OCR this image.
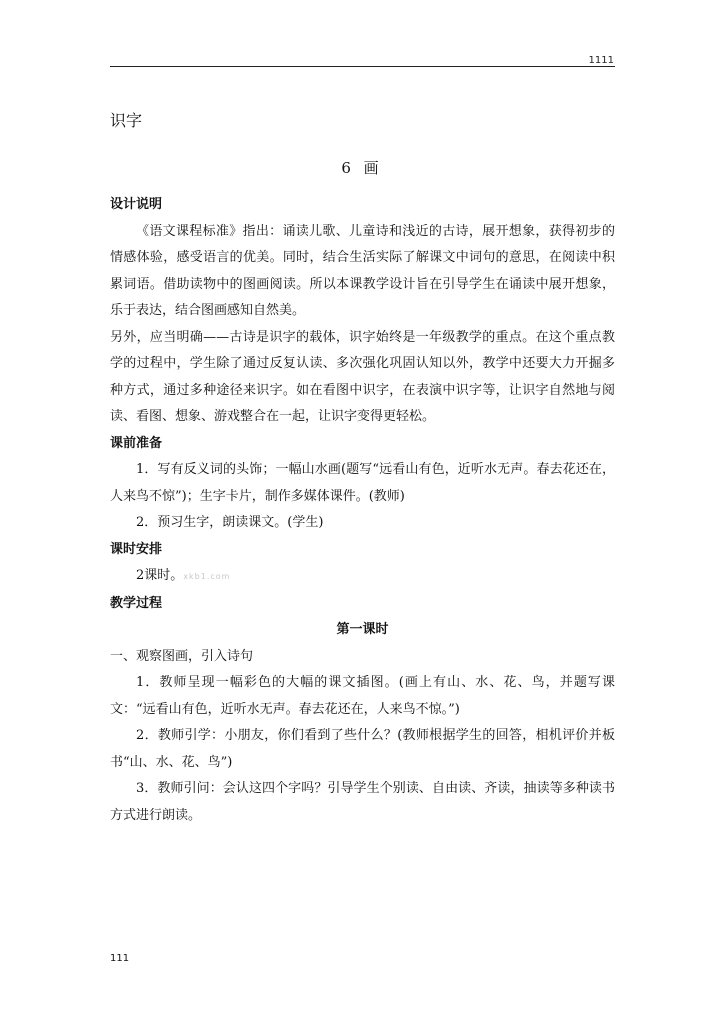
1111
识字
6 画

设计说明

《语文课程标准》指出：诵读儿歌、儿童诗和浅近的古诗，展开想象，获得初步的情感体验，感受语言的优美。同时，结合生活实际了解课文中词句的意思，在阅读中积累词语。借助读物中的图画阅读。所以本课教学设计旨在引导学生在诵读中展开想象，乐于表达，结合图画感知自然美。

另外，应当明确——古诗是识字的载体，识字始终是一年级教学的重点。在这个重点教学的过程中，学生除了通过反复认读、多次强化巩固认知以外，教学中还要大力开掘多种方式，通过多种途径来识字。如在看图中识字，在表演中识字等，让识字自然地与阅读、看图、想象、游戏整合在一起，让识字变得更轻松。

课前准备

1．写有反义词的头饰；一幅山水画(题写“远看山有色，近听水无声。春去花还在，人来鸟不惊”)；生字卡片，制作多媒体课件。(教师)

2．预习生字，朗读课文。(学生)

课时安排

2课时。xkb1.com

教学过程

第一课时

一、观察图画，引入诗句

1．教师呈现一幅彩色的大幅的课文插图。(画上有山、水、花、鸟，并题写课文：“远看山有色，近听水无声。春去花还在，人来鸟不惊。”)

2．教师引学：小朋友，你们看到了些什么？(教师根据学生的回答，相机评价并板书“山、水、花、鸟”)

3．教师引问：会认这四个字吗？引导学生个别读、自由读、齐读，抽读等多种读书方式进行朗读。

111
